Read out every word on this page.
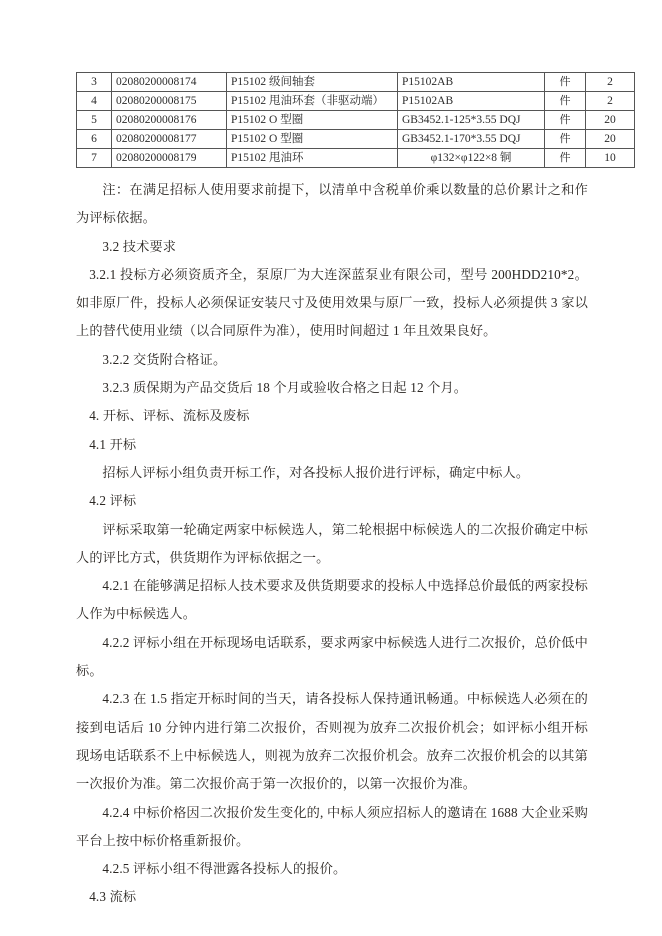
3	02080200008174	P15102 级间轴套	P15102AB	件	2
4	02080200008175	P15102 甩油环套（非驱动端）	P15102AB	件	2
5	02080200008176	P15102 O 型圈	GB3452.1-125*3.55 DQJ	件	20
6	02080200008177	P15102 O 型圈	GB3452.1-170*3.55 DQJ	件	20
7	02080200008179	P15102 甩油环	φ132×φ122×8 铜	件	10

注：在满足招标人使用要求前提下，以清单中含税单价乘以数量的总价累计之和作为评标依据。

3.2 技术要求

3.2.1 投标方必须资质齐全，泵原厂为大连深蓝泵业有限公司，型号 200HDD210*2。如非原厂件，投标人必须保证安装尺寸及使用效果与原厂一致，投标人必须提供 3 家以上的替代使用业绩（以合同原件为准），使用时间超过 1 年且效果良好。

3.2.2 交货附合格证。

3.2.3 质保期为产品交货后 18 个月或验收合格之日起 12 个月。

4. 开标、评标、流标及废标

4.1 开标

招标人评标小组负责开标工作，对各投标人报价进行评标，确定中标人。

4.2 评标

评标采取第一轮确定两家中标候选人，第二轮根据中标候选人的二次报价确定中标人的评比方式，供货期作为评标依据之一。

4.2.1 在能够满足招标人技术要求及供货期要求的投标人中选择总价最低的两家投标人作为中标候选人。

4.2.2 评标小组在开标现场电话联系，要求两家中标候选人进行二次报价，总价低中标。

4.2.3 在 1.5 指定开标时间的当天，请各投标人保持通讯畅通。中标候选人必须在的接到电话后 10 分钟内进行第二次报价，否则视为放弃二次报价机会；如评标小组开标现场电话联系不上中标候选人，则视为放弃二次报价机会。放弃二次报价机会的以其第一次报价为准。第二次报价高于第一次报价的，以第一次报价为准。

4.2.4 中标价格因二次报价发生变化的, 中标人须应招标人的邀请在 1688 大企业采购平台上按中标价格重新报价。

4.2.5 评标小组不得泄露各投标人的报价。

4.3 流标
